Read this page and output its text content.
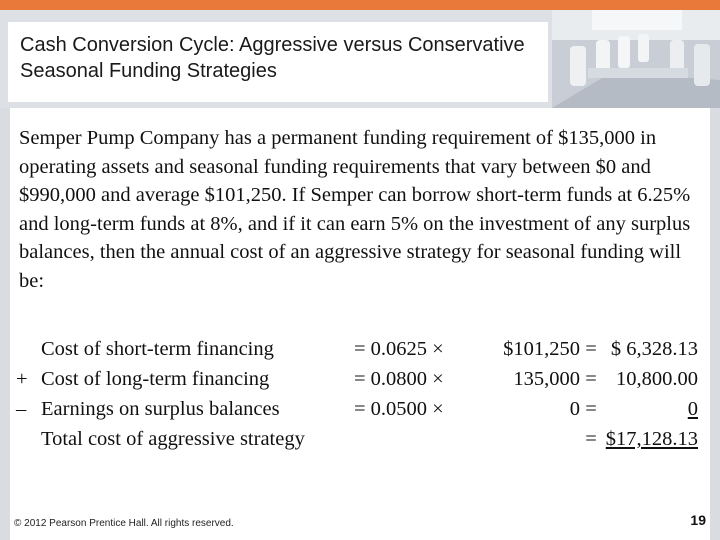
Cash Conversion Cycle: Aggressive versus Conservative Seasonal Funding Strategies

Semper Pump Company has a permanent funding requirement of $135,000 in operating assets and seasonal funding requirements that vary between $0 and $990,000 and average $101,250. If Semper can borrow short-term funds at 6.25% and long-term funds at 8%, and if it can earn 5% on the investment of any surplus balances, then the annual cost of an aggressive strategy for seasonal funding will be:

Cost of short-term financing	= 0.0625 ×	$101,250 = $ 6,328.13
+ Cost of long-term financing	= 0.0800 ×	135,000 = 10,800.00
– Earnings on surplus balances	= 0.0500 ×	0 =	0
Total cost of aggressive strategy	= $17,128.13
© 2012 Pearson Prentice Hall. All rights reserved.	19
